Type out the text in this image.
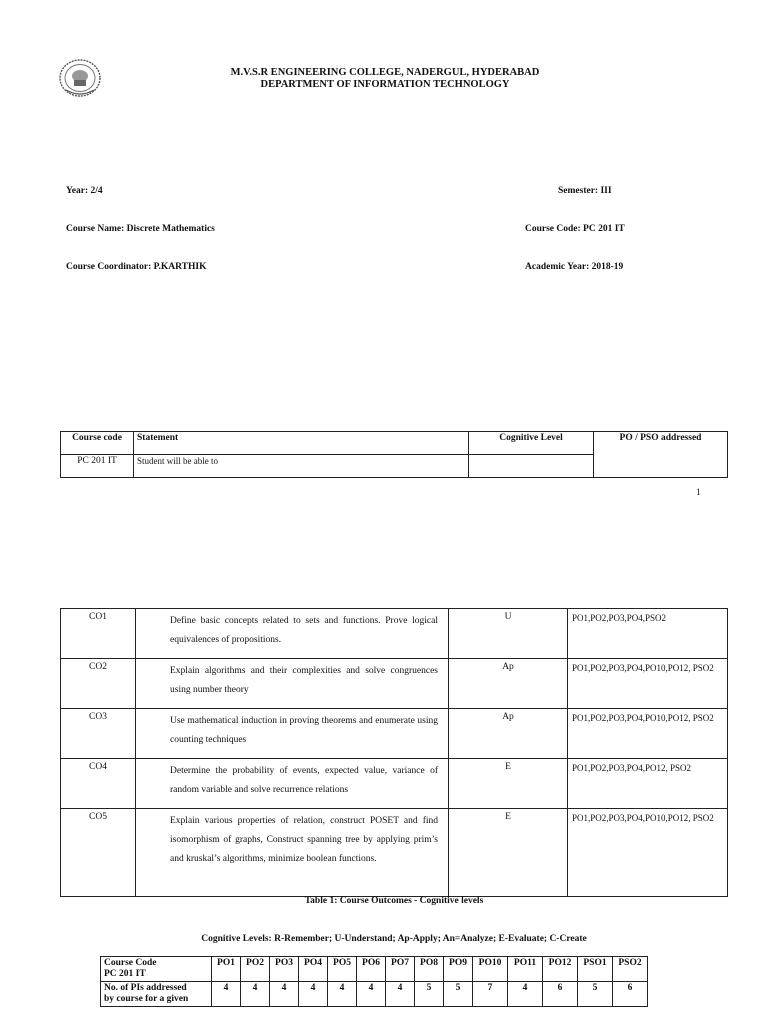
M.V.S.R ENGINEERING COLLEGE, NADERGUL, HYDERABAD
DEPARTMENT OF INFORMATION TECHNOLOGY
Year: 2/4	Semester: III
Course Name: Discrete Mathematics	Course Code: PC 201 IT
Course Coordinator: P.KARTHIK	Academic Year: 2018-19
Course code	Statement	Cognitive Level	PO / PSO addressed
PC 201 IT	Student will be able to		
1
CO1	Define basic concepts related to sets and functions. Prove logical equivalences of propositions.	U	PO1,PO2,PO3,PO4,PSO2
CO2	Explain algorithms and their complexities and solve congruences using number theory	Ap	PO1,PO2,PO3,PO4,PO10,PO12, PSO2
CO3	Use mathematical induction in proving theorems and enumerate using counting techniques	Ap	PO1,PO2,PO3,PO4,PO10,PO12, PSO2
CO4	Determine the probability of events, expected value, variance of random variable and solve recurrence relations	E	PO1,PO2,PO3,PO4,PO12, PSO2
CO5	Explain various properties of relation, construct POSET and find isomorphism of graphs, Construct spanning tree by applying prim’s and kruskal’s algorithms, minimize boolean functions.	E	PO1,PO2,PO3,PO4,PO10,PO12, PSO2
Table 1: Course Outcomes - Cognitive levels
Cognitive Levels: R-Remember; U-Understand; Ap-Apply; An=Analyze; E-Evaluate; C-Create
Course Code
PC 201 IT	PO1	PO2	PO3	PO4	PO5	PO6	PO7	PO8	PO9	PO10	PO11	PO12	PSO1	PSO2

No. of PIs addressed
by course for a given	4	4	4	4	4	4	4	5	5	7	4	6	5	6
